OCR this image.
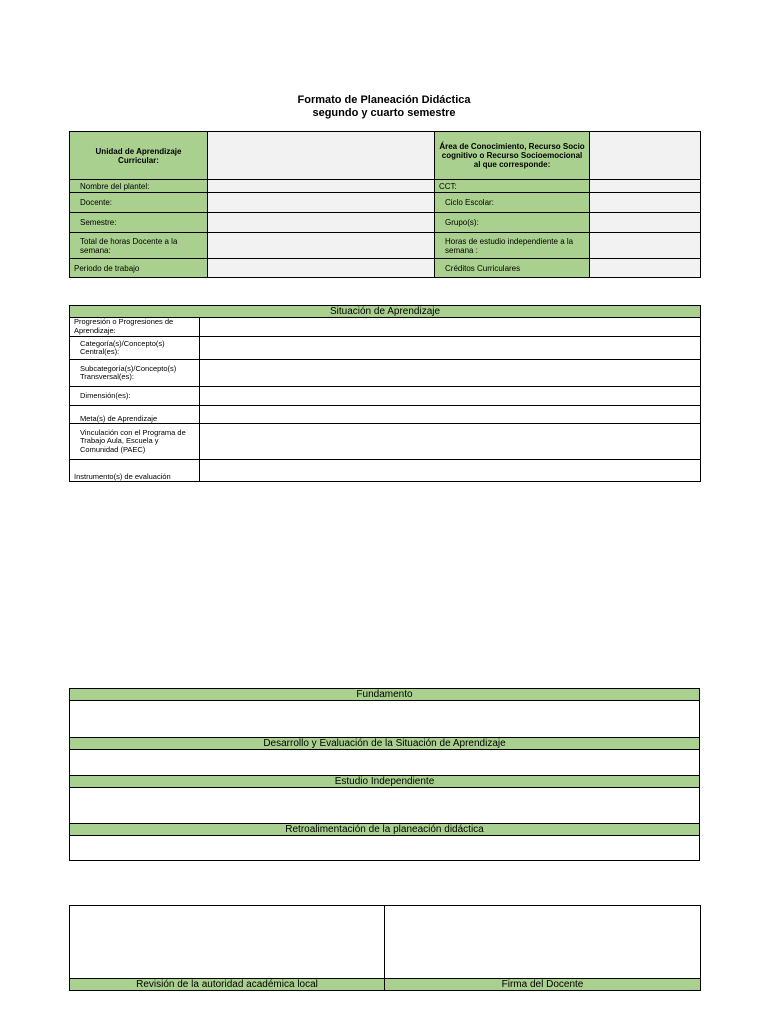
Formato de Planeación Didáctica
segundo y cuarto semestre
Unidad de Aprendizaje Curricular:		Área de Conocimiento, Recurso Socio cognitivo o Recurso Socioemocional al que corresponde:	
Nombre del plantel:		CCT:	
Docente:		Ciclo Escolar:	
Semestre:		Grupo(s):	
Total de horas Docente a la semana:		Horas de estudio independiente a la semana :	
Periodo de trabajo		Créditos Curriculares	
Situación de Aprendizaje	
Progresión o Progresiones de Aprendizaje:	
Categoría(s)/Concepto(s) Central(es):	
Subcategoría(s)/Concepto(s) Transversal(es):	
Dimensión(es):	
Meta(s) de Aprendizaje	
Vinculación con el Programa de Trabajo Aula, Escuela y Comunidad (PAEC)	
Instrumento(s) de evaluación	
Fundamento

Desarrollo y Evaluación de la Situación de Aprendizaje

Estudio Independiente

Retroalimentación de la planeación didáctica

Revisión de la autoridad académica local	Firma del Docente
